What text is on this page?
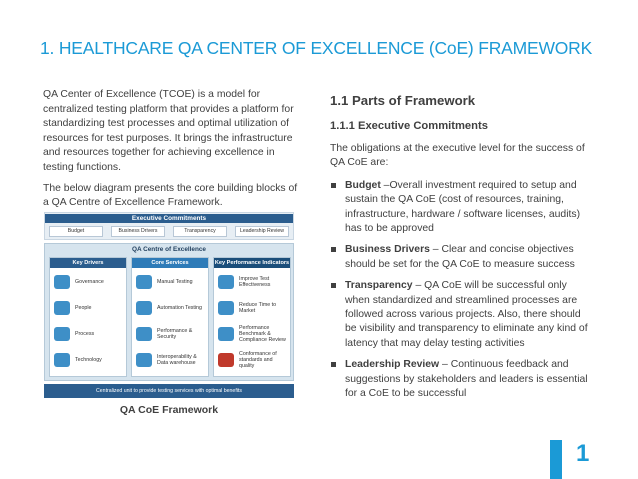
1. HEALTHCARE QA CENTER OF EXCELLENCE (CoE) FRAMEWORK

QA Center of Excellence (TCOE) is a model for centralized testing platform that provides a platform for standardizing test processes and optimal utilization of resources for test purposes. It brings the infrastructure and resources together for achieving excellence in testing functions.

The below diagram presents the core building blocks of a QA Centre of Excellence Framework.

Executive Commitments
Budget	Business Drivers	Transparency	Leadership Review
QA Centre of Excellence
Key Drivers
Governance
People
Process
Technology
Core Services
Manual Testing
Automation Testing
Performance & Security
Interoperability & Data warehouse
Key Performance Indicators
Improve Test Effectiveness
Reduce Time to Market
Performance Benchmark & Compliance Review
Conformance of standards and quality
Centralized unit to provide testing services with optimal benefits
QA CoE Framework
1.1 Parts of Framework
1.1.1 Executive Commitments
The obligations at the executive level for the success of QA CoE are:
Budget –Overall investment required to setup and sustain the QA CoE (cost of resources, training, infrastructure, hardware / software licenses, audits) has to be approved
Business Drivers – Clear and concise objectives should be set for the QA CoE to measure success
Transparency – QA CoE will be successful only when standardized and streamlined processes are followed across various projects. Also, there should be visibility and transparency to eliminate any kind of latency that may delay testing activities
Leadership Review – Continuous feedback and suggestions by stakeholders and leaders is essential for a CoE to be successful
1
